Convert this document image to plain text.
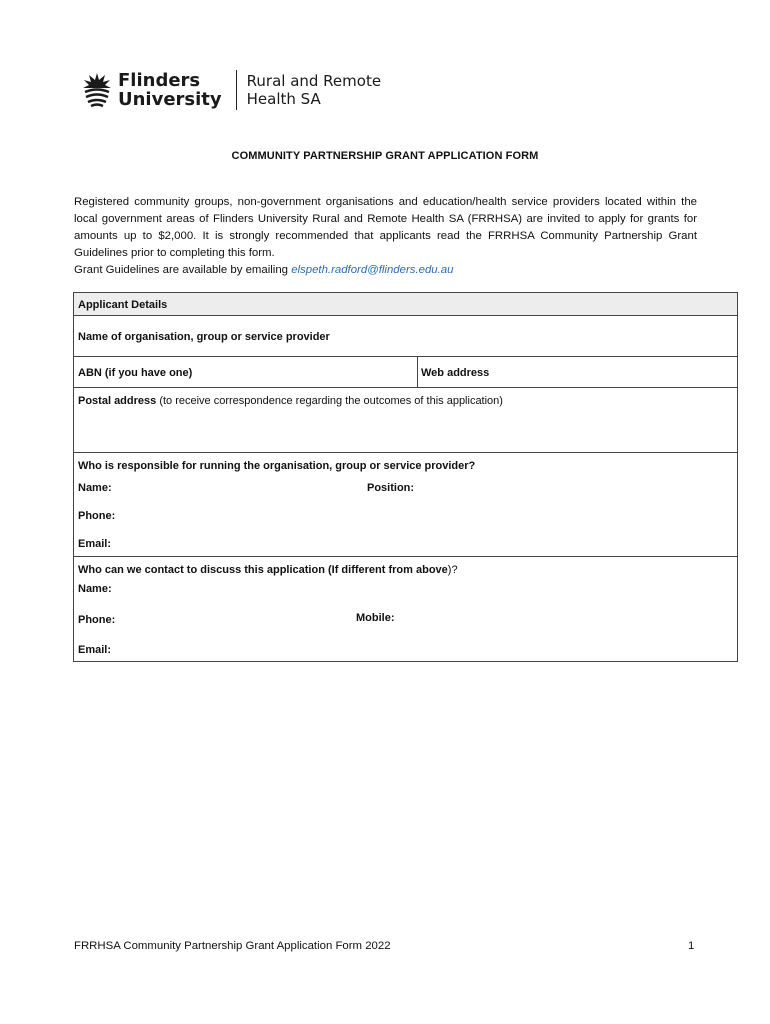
Flinders
University
Rural and Remote
Health SA
COMMUNITY PARTNERSHIP GRANT APPLICATION FORM

Registered community groups, non-government organisations and education/health service providers located within the local government areas of Flinders University Rural and Remote Health SA (FRRHSA) are invited to apply for grants for amounts up to $2,000. It is strongly recommended that applicants read the FRRHSA Community Partnership Grant Guidelines prior to completing this form.

Grant Guidelines are available by emailing elspeth.radford@flinders.edu.au
Applicant Details
Name of organisation, group or service provider
ABN (if you have one)	Web address
Postal address (to receive correspondence regarding the outcomes of this application)
Who is responsible for running the organisation, group or service provider?
Name:	Position:
Phone:
Email:
Who can we contact to discuss this application (If different from above)?
Name:
Phone:	Mobile:
Email:
FRRHSA Community Partnership Grant Application Form 2022	1
